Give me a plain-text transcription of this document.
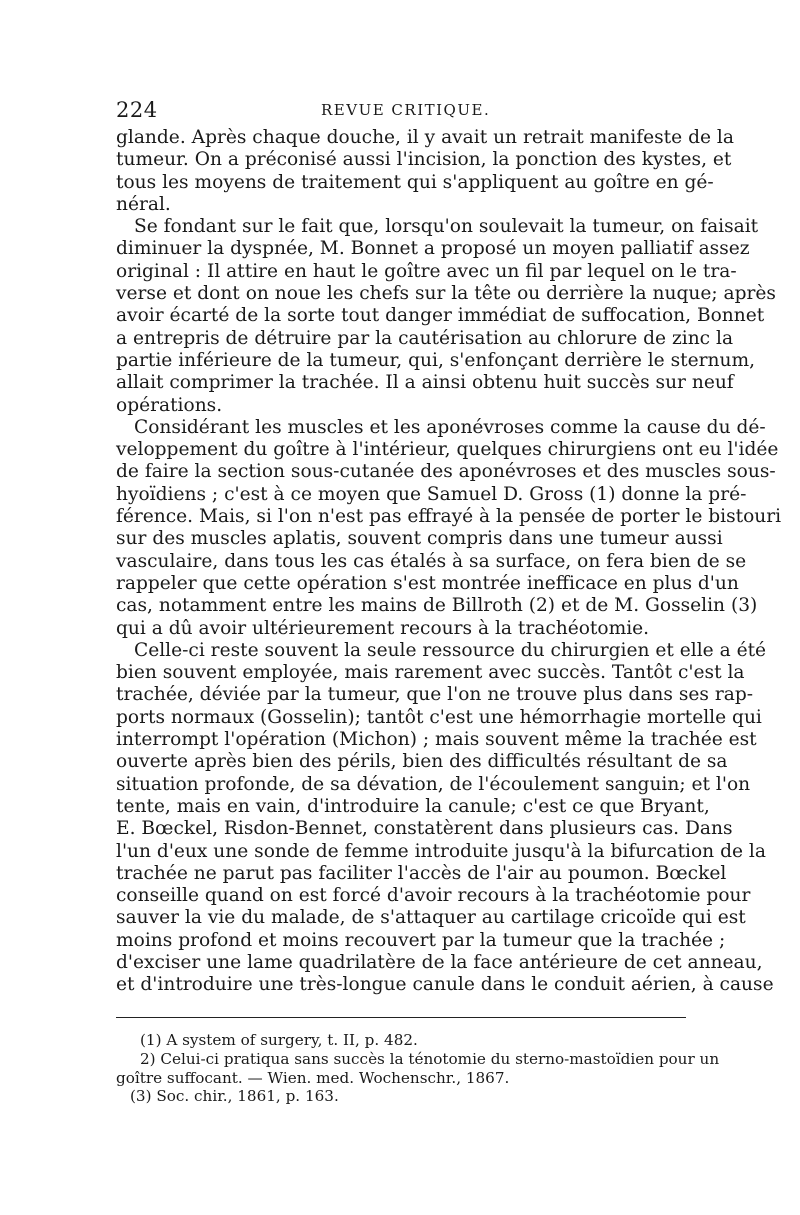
224	REVUE CRITIQUE.
glande. Après chaque douche, il y avait un retrait manifeste de la
tumeur. On a préconisé aussi l'incision, la ponction des kystes, et
tous les moyens de traitement qui s'appliquent au goître en gé-
néral.
Se fondant sur le fait que, lorsqu'on soulevait la tumeur, on faisait
diminuer la dyspnée, M. Bonnet a proposé un moyen palliatif assez
original : Il attire en haut le goître avec un fil par lequel on le tra-
verse et dont on noue les chefs sur la tête ou derrière la nuque; après
avoir écarté de la sorte tout danger immédiat de suffocation, Bonnet
a entrepris de détruire par la cautérisation au chlorure de zinc la
partie inférieure de la tumeur, qui, s'enfonçant derrière le sternum,
allait comprimer la trachée. Il a ainsi obtenu huit succès sur neuf
opérations.
Considérant les muscles et les aponévroses comme la cause du dé-
veloppement du goître à l'intérieur, quelques chirurgiens ont eu l'idée
de faire la section sous-cutanée des aponévroses et des muscles sous-
hyoïdiens ; c'est à ce moyen que Samuel D. Gross (1) donne la pré-
férence. Mais, si l'on n'est pas effrayé à la pensée de porter le bistouri
sur des muscles aplatis, souvent compris dans une tumeur aussi
vasculaire, dans tous les cas étalés à sa surface, on fera bien de se
rappeler que cette opération s'est montrée inefficace en plus d'un
cas, notamment entre les mains de Billroth (2) et de M. Gosselin (3)
qui a dû avoir ultérieurement recours à la trachéotomie.
Celle-ci reste souvent la seule ressource du chirurgien et elle a été
bien souvent employée, mais rarement avec succès. Tantôt c'est la
trachée, déviée par la tumeur, que l'on ne trouve plus dans ses rap-
ports normaux (Gosselin); tantôt c'est une hémorrhagie mortelle qui
interrompt l'opération (Michon) ; mais souvent même la trachée est
ouverte après bien des périls, bien des difficultés résultant de sa
situation profonde, de sa dévation, de l'écoulement sanguin; et l'on
tente, mais en vain, d'introduire la canule; c'est ce que Bryant,
E. Bœckel, Risdon-Bennet, constatèrent dans plusieurs cas. Dans
l'un d'eux une sonde de femme introduite jusqu'à la bifurcation de la
trachée ne parut pas faciliter l'accès de l'air au poumon. Bœckel
conseille quand on est forcé d'avoir recours à la trachéotomie pour
sauver la vie du malade, de s'attaquer au cartilage cricoïde qui est
moins profond et moins recouvert par la tumeur que la trachée ;
d'exciser une lame quadrilatère de la face antérieure de cet anneau,
et d'introduire une très-longue canule dans le conduit aérien, à cause
(1) A system of surgery, t. II, p. 482.
2) Celui-ci pratiqua sans succès la ténotomie du sterno-mastoïdien pour un
goître suffocant. — Wien. med. Wochenschr., 1867.
(3) Soc. chir., 1861, p. 163.
